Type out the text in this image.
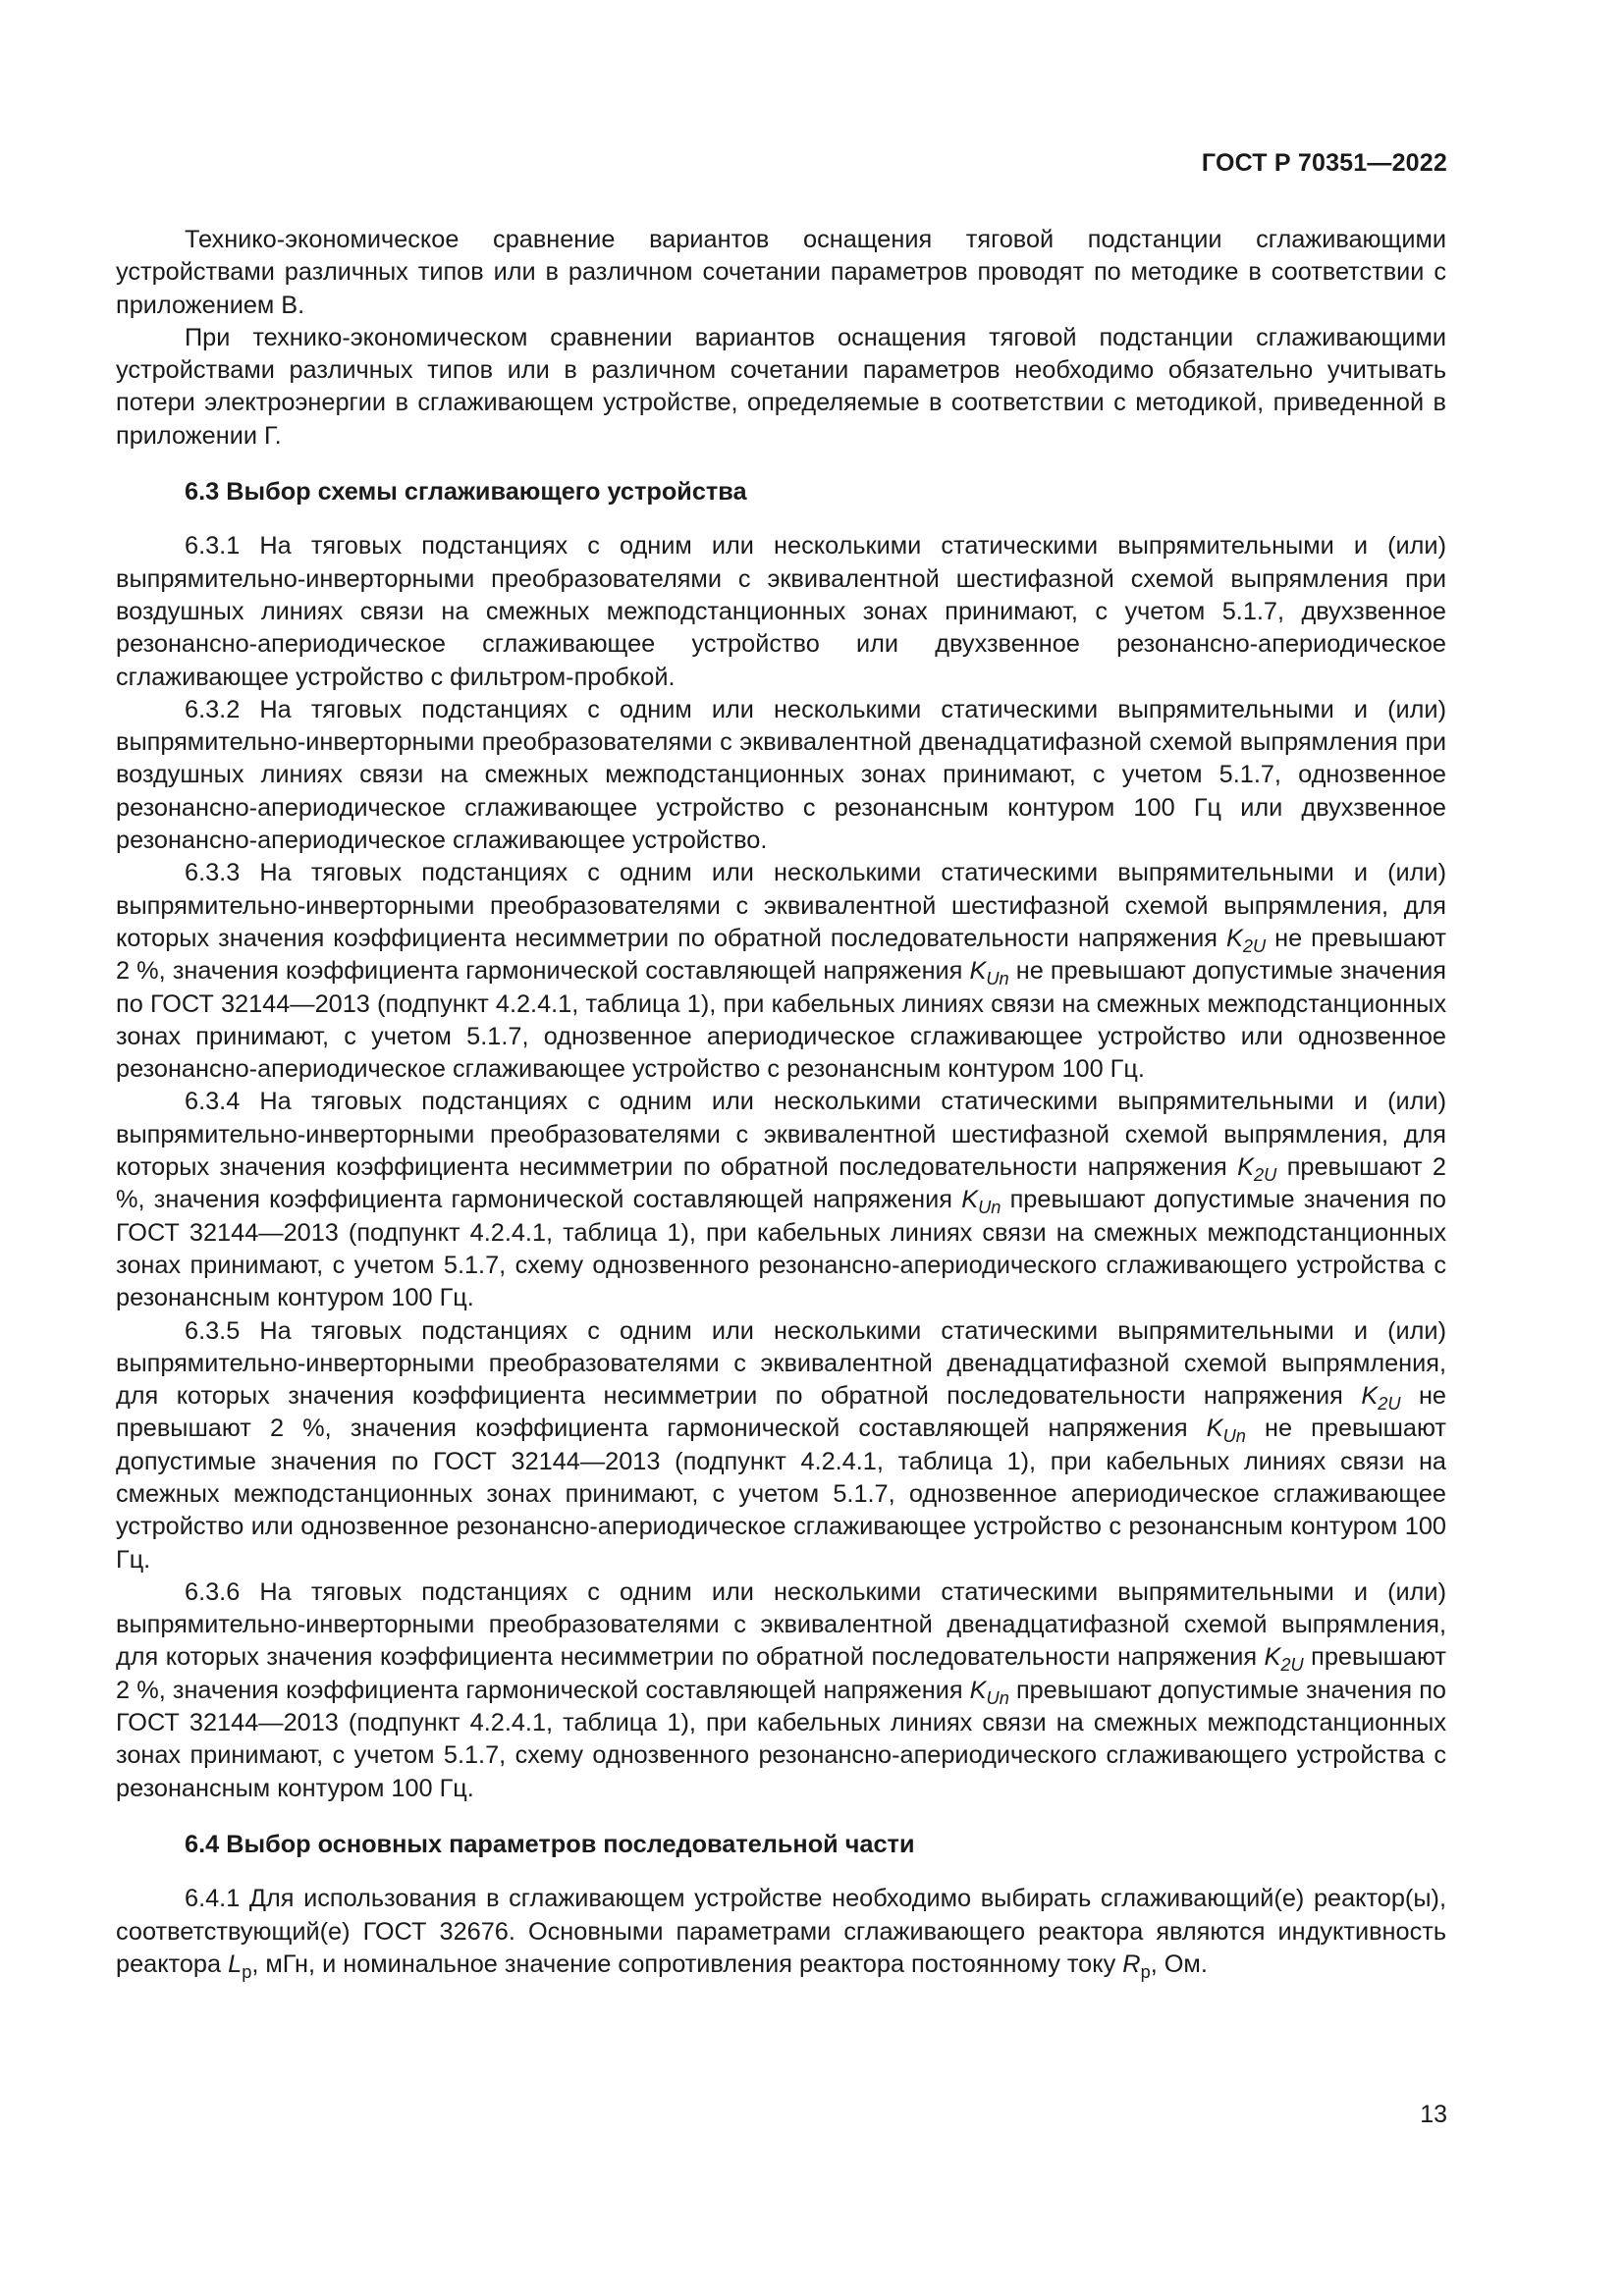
ГОСТ Р 70351—2022

Технико-экономическое сравнение вариантов оснащения тяговой подстанции сглаживающими устройствами различных типов или в различном сочетании параметров проводят по методике в соответствии с приложением В.

При технико-экономическом сравнении вариантов оснащения тяговой подстанции сглаживающими устройствами различных типов или в различном сочетании параметров необходимо обязательно учитывать потери электроэнергии в сглаживающем устройстве, определяемые в соответствии с методикой, приведенной в приложении Г.

6.3 Выбор схемы сглаживающего устройства

6.3.1 На тяговых подстанциях с одним или несколькими статическими выпрямительными и (или) выпрямительно-инверторными преобразователями с эквивалентной шестифазной схемой выпрямления при воздушных линиях связи на смежных межподстанционных зонах принимают, с учетом 5.1.7, двухзвенное резонансно-апериодическое сглаживающее устройство или двухзвенное резонансно-апериодическое сглаживающее устройство с фильтром-пробкой.

6.3.2 На тяговых подстанциях с одним или несколькими статическими выпрямительными и (или) выпрямительно-инверторными преобразователями с эквивалентной двенадцатифазной схемой выпрямления при воздушных линиях связи на смежных межподстанционных зонах принимают, с учетом 5.1.7, однозвенное резонансно-апериодическое сглаживающее устройство с резонансным контуром 100 Гц или двухзвенное резонансно-апериодическое сглаживающее устройство.

6.3.3 На тяговых подстанциях с одним или несколькими статическими выпрямительными и (или) выпрямительно-инверторными преобразователями с эквивалентной шестифазной схемой выпрямления, для которых значения коэффициента несимметрии по обратной последовательности напряжения $K_{2U}$ не превышают 2 %, значения коэффициента гармонической составляющей напряжения $K_{Un}$ не превышают допустимые значения по ГОСТ 32144—2013 (подпункт 4.2.4.1, таблица 1), при кабельных линиях связи на смежных межподстанционных зонах принимают, с учетом 5.1.7, однозвенное апериодическое сглаживающее устройство или однозвенное резонансно-апериодическое сглаживающее устройство с резонансным контуром 100 Гц.

6.3.4 На тяговых подстанциях с одним или несколькими статическими выпрямительными и (или) выпрямительно-инверторными преобразователями с эквивалентной шестифазной схемой выпрямления, для которых значения коэффициента несимметрии по обратной последовательности напряжения $K_{2U}$ превышают 2 %, значения коэффициента гармонической составляющей напряжения $K_{Un}$ превышают допустимые значения по ГОСТ 32144—2013 (подпункт 4.2.4.1, таблица 1), при кабельных линиях связи на смежных межподстанционных зонах принимают, с учетом 5.1.7, схему однозвенного резонансно-апериодического сглаживающего устройства с резонансным контуром 100 Гц.

6.3.5 На тяговых подстанциях с одним или несколькими статическими выпрямительными и (или) выпрямительно-инверторными преобразователями с эквивалентной двенадцатифазной схемой выпрямления, для которых значения коэффициента несимметрии по обратной последовательности напряжения $K_{2U}$ не превышают 2 %, значения коэффициента гармонической составляющей напряжения $K_{Un}$ не превышают допустимые значения по ГОСТ 32144—2013 (подпункт 4.2.4.1, таблица 1), при кабельных линиях связи на смежных межподстанционных зонах принимают, с учетом 5.1.7, однозвенное апериодическое сглаживающее устройство или однозвенное резонансно-апериодическое сглаживающее устройство с резонансным контуром 100 Гц.

6.3.6 На тяговых подстанциях с одним или несколькими статическими выпрямительными и (или) выпрямительно-инверторными преобразователями с эквивалентной двенадцатифазной схемой выпрямления, для которых значения коэффициента несимметрии по обратной последовательности напряжения $K_{2U}$ превышают 2 %, значения коэффициента гармонической составляющей напряжения $K_{Un}$ превышают допустимые значения по ГОСТ 32144—2013 (подпункт 4.2.4.1, таблица 1), при кабельных линиях связи на смежных межподстанционных зонах принимают, с учетом 5.1.7, схему однозвенного резонансно-апериодического сглаживающего устройства с резонансным контуром 100 Гц.

6.4 Выбор основных параметров последовательной части

6.4.1 Для использования в сглаживающем устройстве необходимо выбирать сглаживающий(е) реактор(ы), соответствующий(е) ГОСТ 32676. Основными параметрами сглаживающего реактора являются индуктивность реактора $L_р$, мГн, и номинальное значение сопротивления реактора постоянному току $R_р$, Ом.

13
